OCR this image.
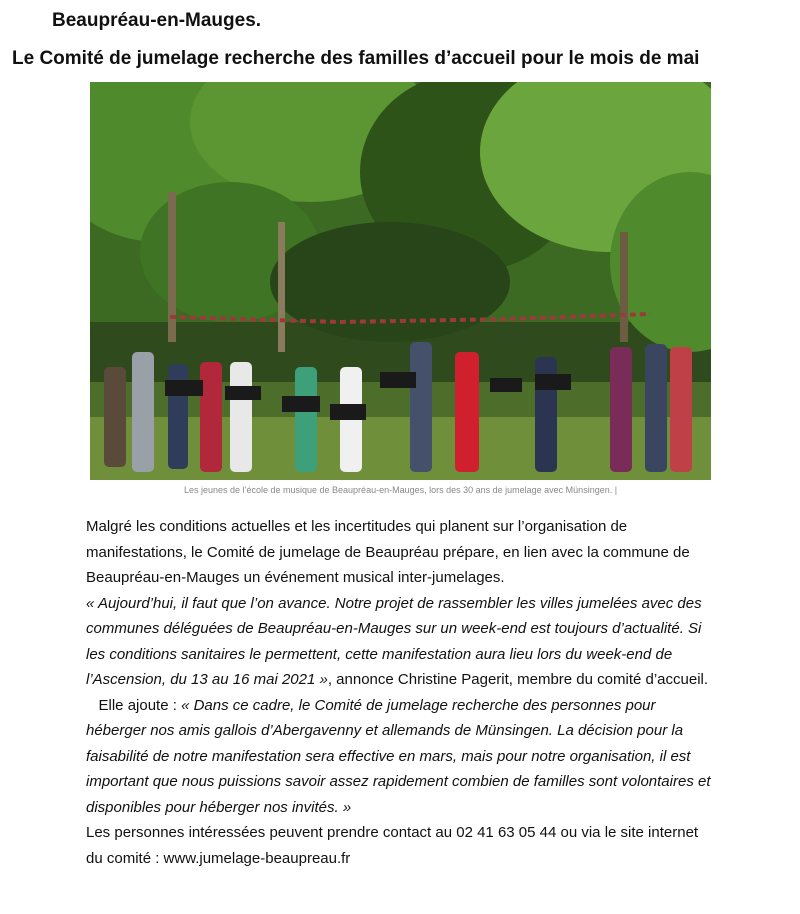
Beaupréau-en-Mauges.
Le Comité de jumelage recherche des familles d’accueil pour le mois de mai
Les jeunes de l’école de musique de Beaupréau-en-Mauges, lors des 30 ans de jumelage avec Münsingen. |

Malgré les conditions actuelles et les incertitudes qui planent sur l’organisation de manifestations, le Comité de jumelage de Beaupréau prépare, en lien avec la commune de Beaupréau-en-Mauges un événement musical inter-jumelages.

« Aujourd’hui, il faut que l’on avance. Notre projet de rassembler les villes jumelées avec des communes déléguées de Beaupréau-en-Mauges sur un week-end est toujours d’actualité. Si les conditions sanitaires le permettent, cette manifestation aura lieu lors du week-end de l’Ascension, du 13 au 16 mai 2021 », annonce Christine Pagerit, membre du comité d’accueil.

Elle ajoute : « Dans ce cadre, le Comité de jumelage recherche des personnes pour héberger nos amis gallois d’Abergavenny et allemands de Münsingen. La décision pour la faisabilité de notre manifestation sera effective en mars, mais pour notre organisation, il est important que nous puissions savoir assez rapidement combien de familles sont volontaires et disponibles pour héberger nos invités. »

Les personnes intéressées peuvent prendre contact au 02 41 63 05 44 ou via le site internet du comité : www.jumelage-beaupreau.fr
